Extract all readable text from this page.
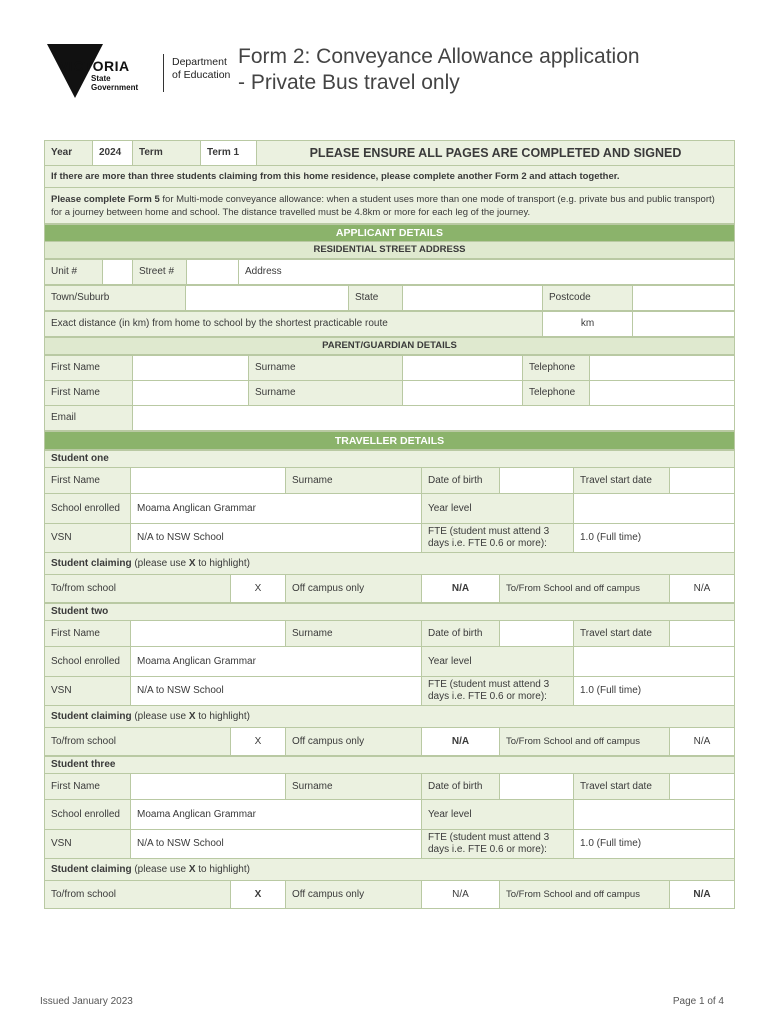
VICTORIA
State
Government
Department
of Education
Form 2: Conveyance Allowance application
- Private Bus travel only
Year	2024	Term	Term 1	PLEASE ENSURE ALL PAGES ARE COMPLETED AND SIGNED
If there are more than three students claiming from this home residence, please complete another Form 2 and attach together.
Please complete Form 5 for Multi-mode conveyance allowance: when a student uses more than one mode of transport (e.g. private bus and public transport) for a journey between home and school. The distance travelled must be 4.8km or more for each leg of the journey.
APPLICANT DETAILS
RESIDENTIAL STREET ADDRESS
Unit #		Street #		Address
Town/Suburb		State		Postcode	
Exact distance (in km) from home to school by the shortest practicable route	km	
PARENT/GUARDIAN DETAILS
First Name		Surname		Telephone	
First Name		Surname		Telephone	
Email					
TRAVELLER DETAILS
Student one							
First Name			Surname	Date of birth		Travel start date	
School enrolled	Moama Anglican Grammar			Year level			
VSN	N/A to NSW School			FTE (student must attend 3 days i.e. FTE 0.6 or more):		1.0 (Full time)	
Student claiming (please use X to highlight)							
To/from school		X	Off campus only	N/A	To/From School and off campus		N/A
Student two							
First Name			Surname	Date of birth		Travel start date	
School enrolled	Moama Anglican Grammar			Year level			
VSN	N/A to NSW School			FTE (student must attend 3 days i.e. FTE 0.6 or more):		1.0 (Full time)	
Student claiming (please use X to highlight)							
To/from school		X	Off campus only	N/A	To/From School and off campus		N/A
Student three							
First Name			Surname	Date of birth		Travel start date	
School enrolled	Moama Anglican Grammar			Year level			
VSN	N/A to NSW School			FTE (student must attend 3 days i.e. FTE 0.6 or more):		1.0 (Full time)	
Student claiming (please use X to highlight)							
To/from school		X	Off campus only	N/A	To/From School and off campus		N/A
Issued January 2023	Page 1 of 4
